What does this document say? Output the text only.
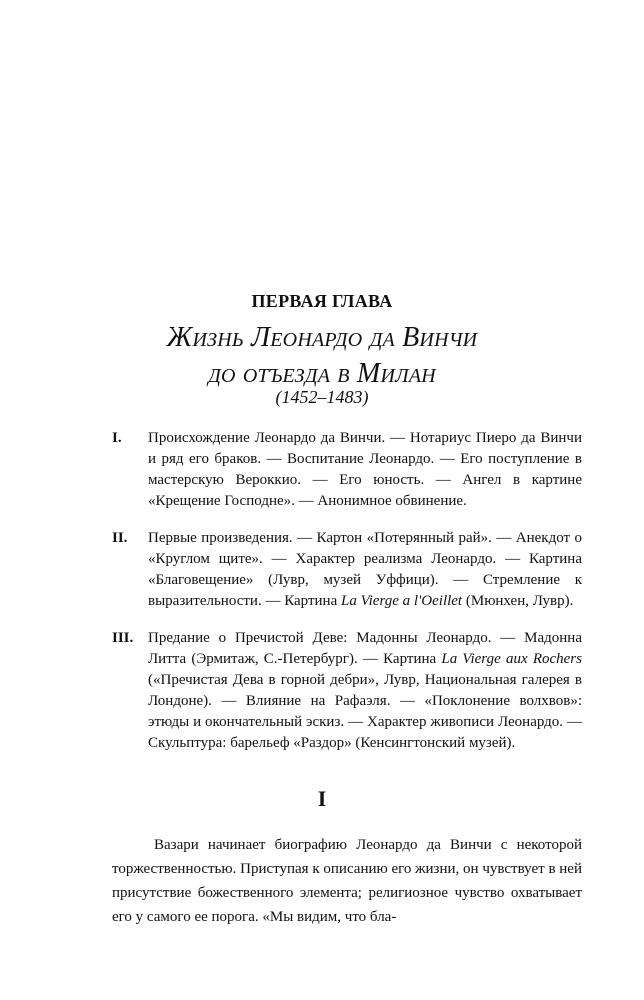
ПЕРВАЯ ГЛАВА
Жизнь Леонардо да Винчи
до отъезда в Милан
(1452–1483)
I.	Происхождение Леонардо да Винчи. — Нотариус Пиеро да Винчи и ряд его браков. — Воспитание Леонардо. — Его поступление в мастерскую Вероккио. — Его юность. — Ангел в картине «Крещение Господне». — Анонимное обвинение.
II.	Первые произведения. — Картон «Потерянный рай». — Анекдот о «Круглом щите». — Характер реализма Леонардо. — Картина «Благовещение» (Лувр, музей Уффици). — Стремление к выразительности. — Картина La Vierge a l'Oeillet (Мюнхен, Лувр).
III. Предание о Пречистой Деве: Мадонны Леонардо. — Мадонна Литта (Эрмитаж, С.-Петербург). — Картина La Vierge aux Rochers («Пречистая Дева в горной дебри», Лувр, Национальная галерея в Лондоне). — Влияние на Рафаэля. — «Поклонение волхвов»: этюды и окончательный эскиз. — Характер живописи Леонардо. — Скульптура: барельеф «Раздор» (Кенсингтонский музей).
I

Вазари начинает биографию Леонардо да Винчи с некоторой торжественностью. Приступая к описанию его жизни, он чувствует в ней присутствие божественного элемента; религиозное чувство охватывает его у самого ее порога. «Мы видим, что бла-
